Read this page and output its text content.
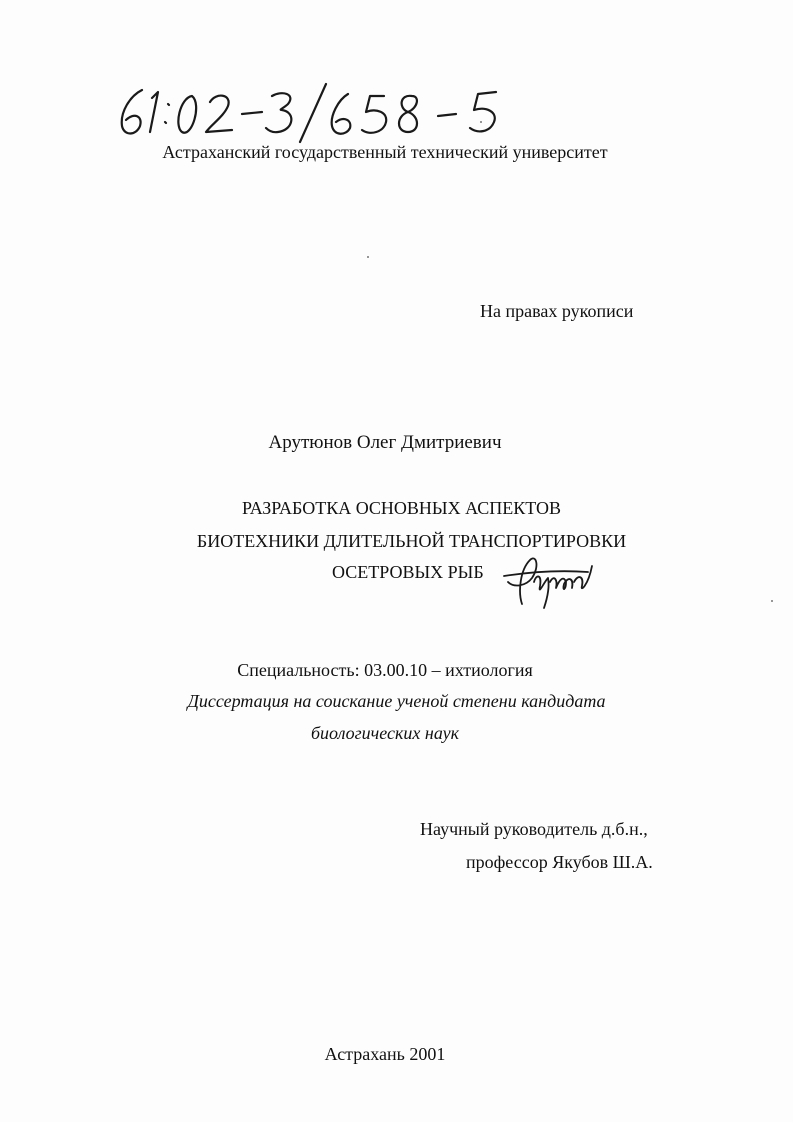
Астраханский государственный технический университет
На правах рукописи
Арутюнов Олег Дмитриевич
РАЗРАБОТКА ОСНОВНЫХ АСПЕКТОВ
БИОТЕХНИКИ ДЛИТЕЛЬНОЙ ТРАНСПОРТИРОВКИ
ОСЕТРОВЫХ РЫБ
Специальность: 03.00.10 – ихтиология
Диссертация на соискание ученой степени кандидата
биологических наук
Научный руководитель д.б.н.,
профессор Якубов Ш.А.
Астрахань 2001
